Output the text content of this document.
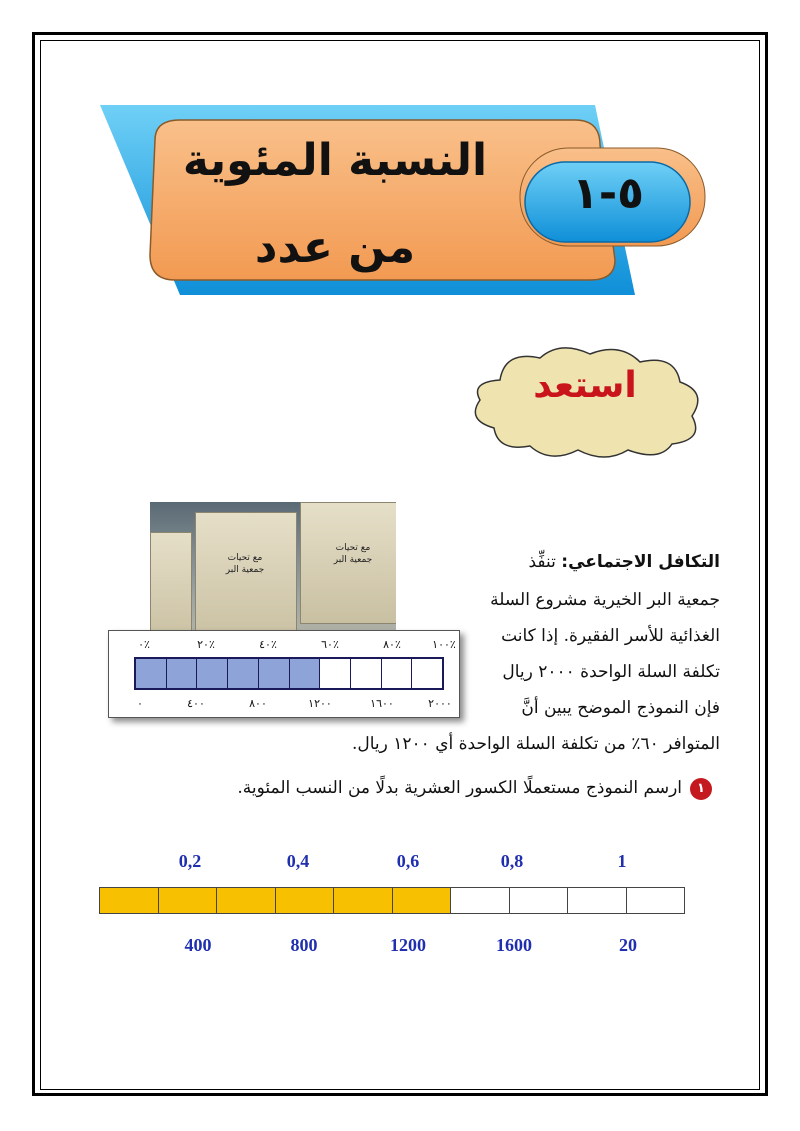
النسبة المئوية
من عدد
٥-١
استعد
مع تحيات
جمعية البر
مع تحيات
جمعية البر
٪٠	٪٢٠	٪٤٠	٪٦٠	٪٨٠	٪١٠٠
٠	٤٠٠	٨٠٠	١٢٠٠	١٦٠٠	٢٠٠٠
التكافل الاجتماعي: تنفِّذ
جمعية البر الخيرية مشروع السلة
الغذائية للأسر الفقيرة. إذا كانت
تكلفة السلة الواحدة ٢٠٠٠ ريال
فإن النموذج الموضح يبين أنَّ
المتوافر ٦٠٪ من تكلفة السلة الواحدة أي ١٢٠٠ ريال.
١
ارسم النموذج مستعملًا الكسور العشرية بدلًا من النسب المئوية.
0,2	0,4	0,6	0,8	1
400	800	1200	1600	20
